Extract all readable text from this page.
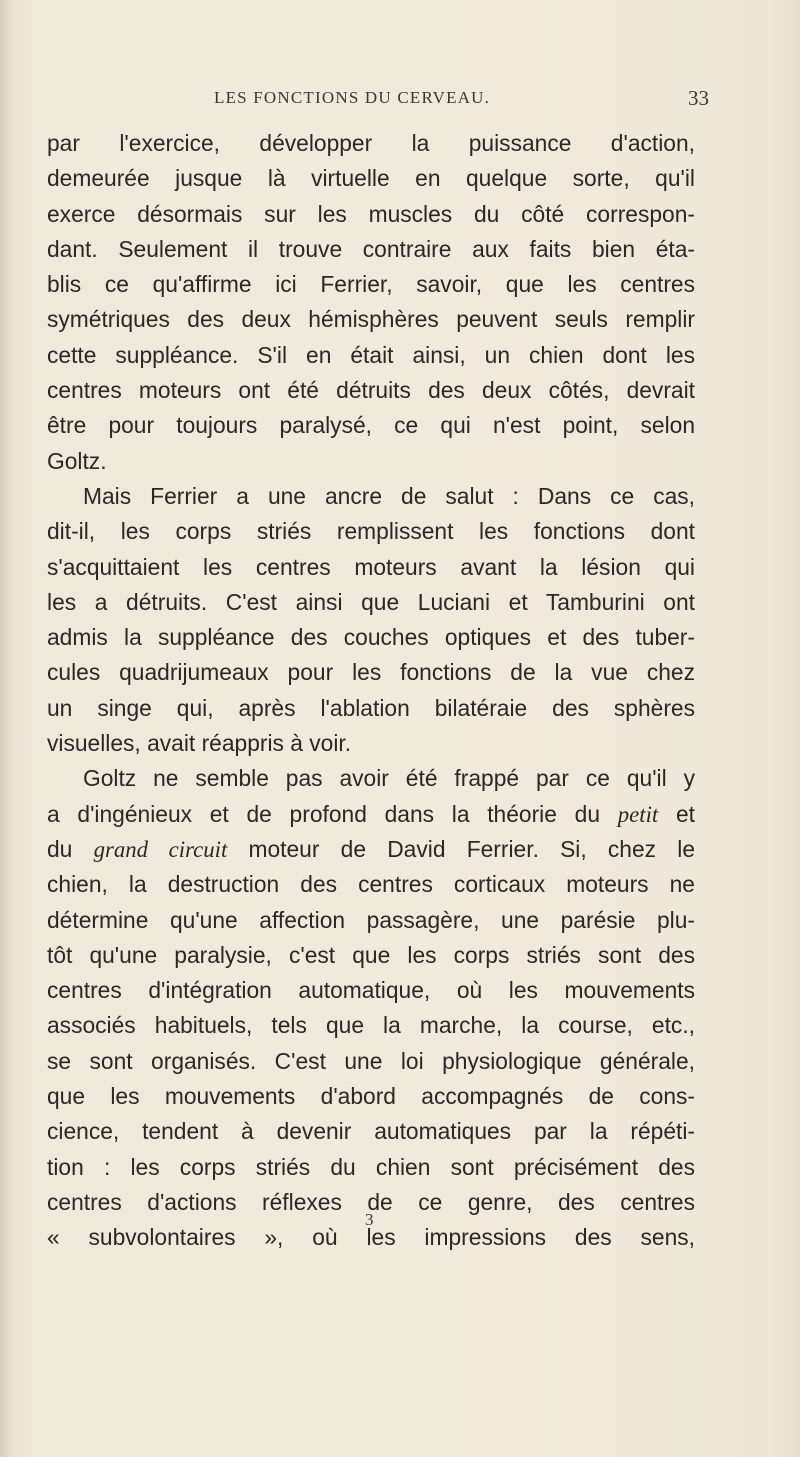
LES FONCTIONS DU CERVEAU.	33
par l'exercice, développer la puissance d'action,
demeurée jusque là virtuelle en quelque sorte, qu'il
exerce désormais sur les muscles du côté correspon-
dant. Seulement il trouve contraire aux faits bien éta-
blis ce qu'affirme ici Ferrier, savoir, que les centres
symétriques des deux hémisphères peuvent seuls remplir
cette suppléance. S'il en était ainsi, un chien dont les
centres moteurs ont été détruits des deux côtés, devrait
être pour toujours paralysé, ce qui n'est point, selon
Goltz.
Mais Ferrier a une ancre de salut : Dans ce cas,
dit-il, les corps striés remplissent les fonctions dont
s'acquittaient les centres moteurs avant la lésion qui
les a détruits. C'est ainsi que Luciani et Tamburini ont
admis la suppléance des couches optiques et des tuber-
cules quadrijumeaux pour les fonctions de la vue chez
un singe qui, après l'ablation bilatéraie des sphères
visuelles, avait réappris à voir.
Goltz ne semble pas avoir été frappé par ce qu'il y
a d'ingénieux et de profond dans la théorie du petit et
du grand circuit moteur de David Ferrier. Si, chez le
chien, la destruction des centres corticaux moteurs ne
détermine qu'une affection passagère, une parésie plu-
tôt qu'une paralysie, c'est que les corps striés sont des
centres d'intégration automatique, où les mouvements
associés habituels, tels que la marche, la course, etc.,
se sont organisés. C'est une loi physiologique générale,
que les mouvements d'abord accompagnés de cons-
cience, tendent à devenir automatiques par la répéti-
tion : les corps striés du chien sont précisément des
centres d'actions réflexes de ce genre, des centres
« subvolontaires », où les impressions des sens,
3
